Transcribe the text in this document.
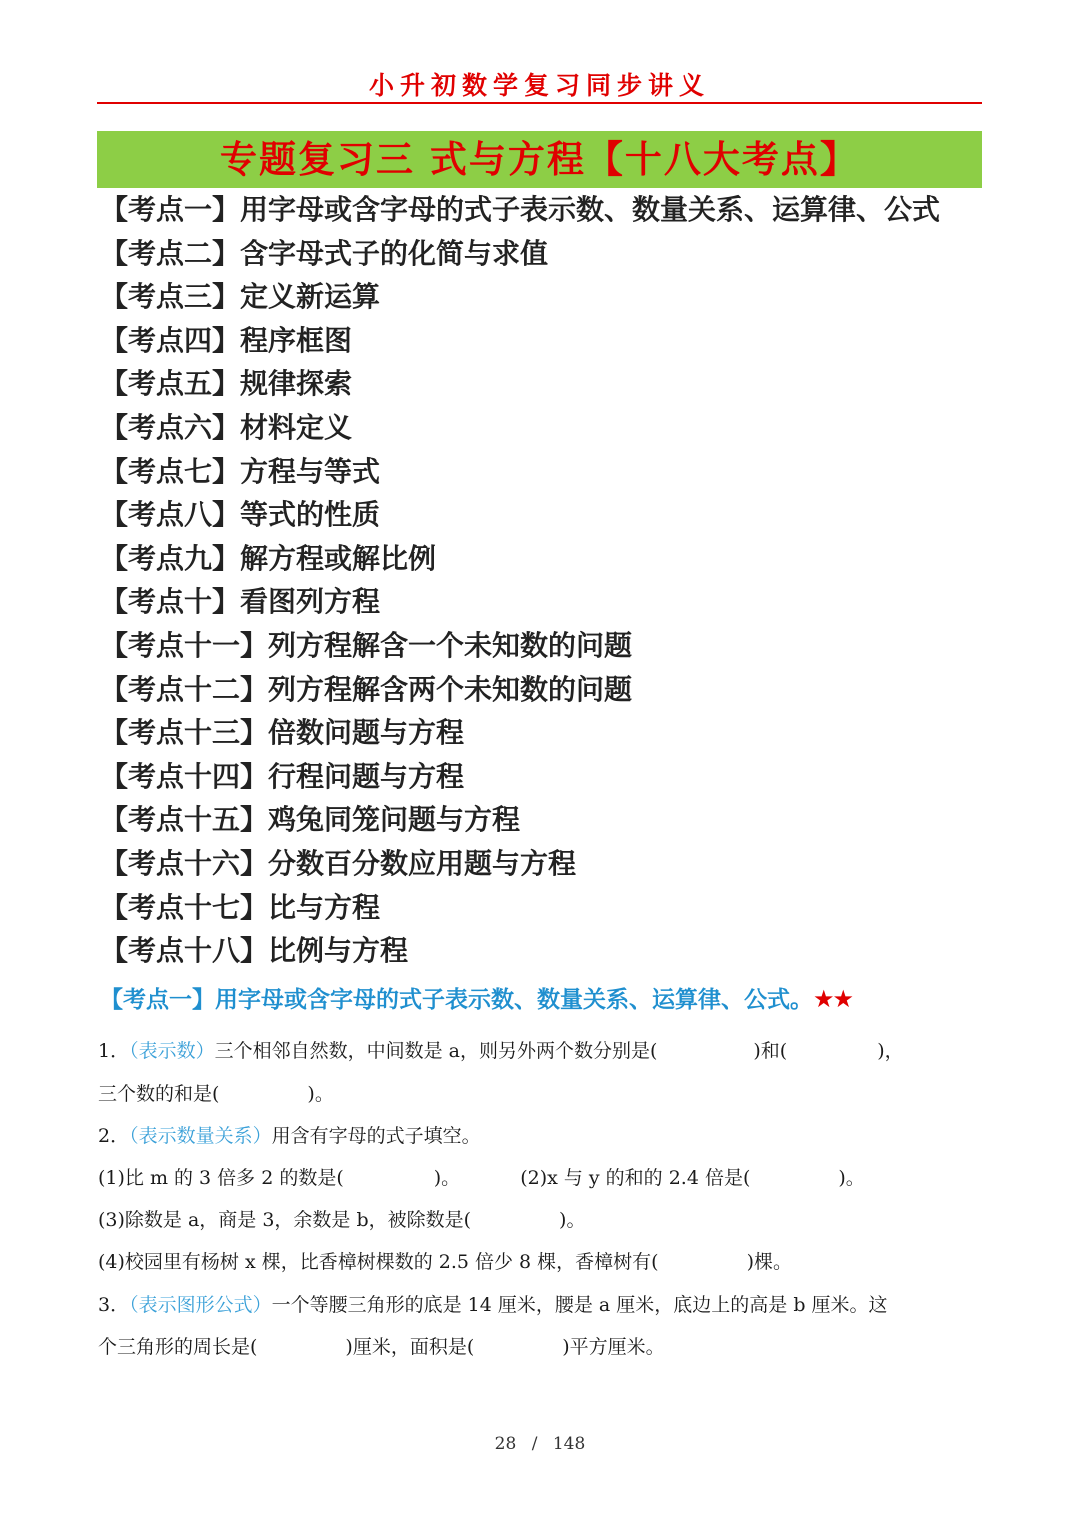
小升初数学复习同步讲义
专题复习三 式与方程【十八大考点】
【考点一】用字母或含字母的式子表示数、数量关系、运算律、公式
【考点二】含字母式子的化简与求值
【考点三】定义新运算
【考点四】程序框图
【考点五】规律探索
【考点六】材料定义
【考点七】方程与等式
【考点八】等式的性质
【考点九】解方程或解比例
【考点十】看图列方程
【考点十一】列方程解含一个未知数的问题
【考点十二】列方程解含两个未知数的问题
【考点十三】倍数问题与方程
【考点十四】行程问题与方程
【考点十五】鸡兔同笼问题与方程
【考点十六】分数百分数应用题与方程
【考点十七】比与方程
【考点十八】比例与方程
【考点一】用字母或含字母的式子表示数、数量关系、运算律、公式。★★
1．（表示数）三个相邻自然数，中间数是 a，则另外两个数分别是(	)和(	)，
三个数的和是(	)。
2．（表示数量关系）用含有字母的式子填空。
(1)比 m 的 3 倍多 2 的数是(	)。	(2)x 与 y 的和的 2.4 倍是(	)。
(3)除数是 a，商是 3，余数是 b，被除数是(	)。
(4)校园里有杨树 x 棵，比香樟树棵数的 2.5 倍少 8 棵，香樟树有(	)棵。
3．（表示图形公式）一个等腰三角形的底是 14 厘米，腰是 a 厘米，底边上的高是 b 厘米。这
个三角形的周长是(	)厘米，面积是(	)平方厘米。
28 / 148
